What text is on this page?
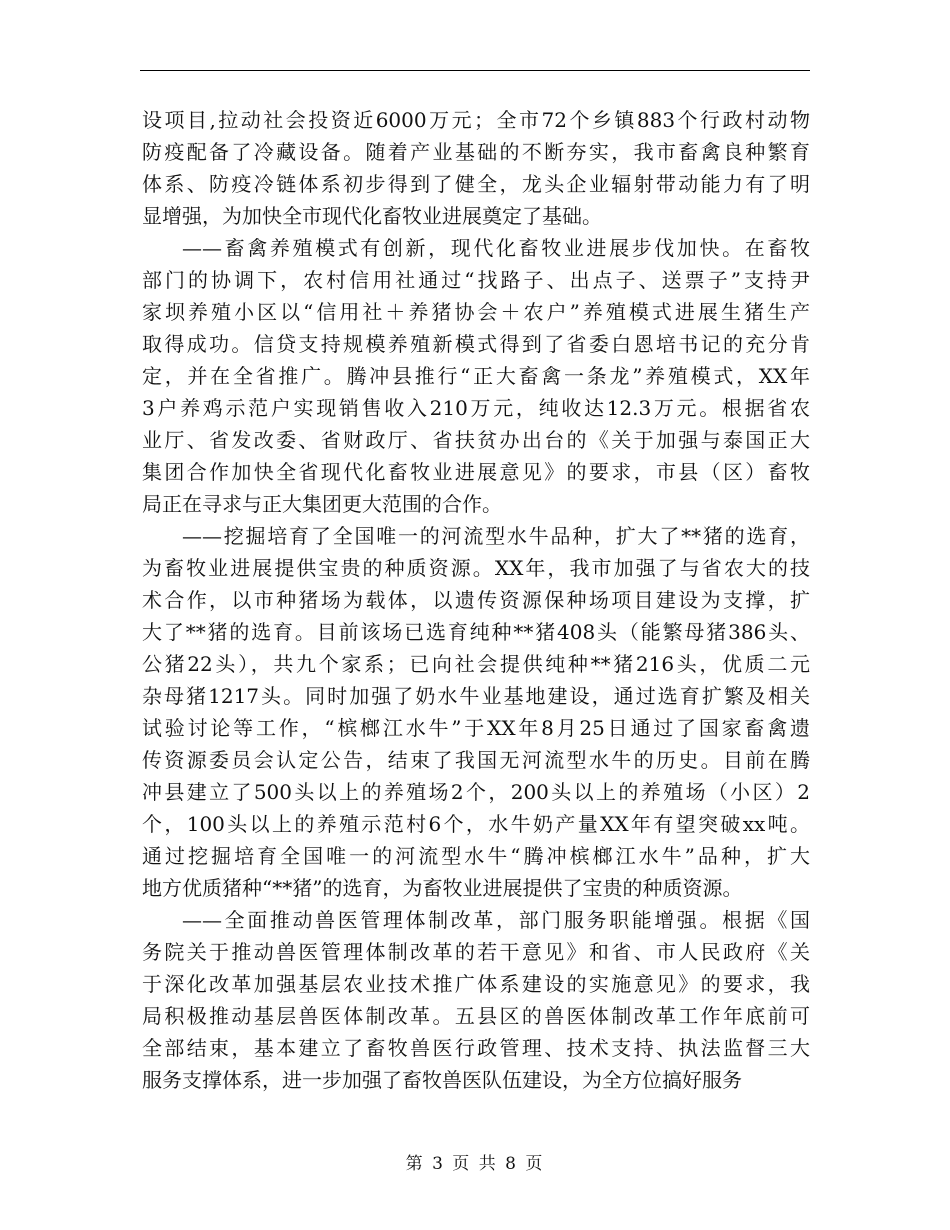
设项目,拉动社会投资近6000万元；全市72个乡镇883个行政村动物
防疫配备了冷藏设备。随着产业基础的不断夯实，我市畜禽良种繁育
体系、防疫冷链体系初步得到了健全，龙头企业辐射带动能力有了明
显增强，为加快全市现代化畜牧业进展奠定了基础。
——畜禽养殖模式有创新，现代化畜牧业进展步伐加快。在畜牧
部门的协调下，农村信用社通过“找路子、出点子、送票子”支持尹
家坝养殖小区以“信用社＋养猪协会＋农户”养殖模式进展生猪生产
取得成功。信贷支持规模养殖新模式得到了省委白恩培书记的充分肯
定，并在全省推广。腾冲县推行“正大畜禽一条龙”养殖模式，XX年
3户养鸡示范户实现销售收入210万元，纯收达12.3万元。根据省农
业厅、省发改委、省财政厅、省扶贫办出台的《关于加强与泰国正大
集团合作加快全省现代化畜牧业进展意见》的要求，市县（区）畜牧
局正在寻求与正大集团更大范围的合作。
——挖掘培育了全国唯一的河流型水牛品种，扩大了**猪的选育，
为畜牧业进展提供宝贵的种质资源。XX年，我市加强了与省农大的技
术合作，以市种猪场为载体，以遗传资源保种场项目建设为支撑，扩
大了**猪的选育。目前该场已选育纯种**猪408头（能繁母猪386头、
公猪22头），共九个家系；已向社会提供纯种**猪216头，优质二元
杂母猪1217头。同时加强了奶水牛业基地建设，通过选育扩繁及相关
试验讨论等工作，“槟榔江水牛”于XX年8月25日通过了国家畜禽遗
传资源委员会认定公告，结束了我国无河流型水牛的历史。目前在腾
冲县建立了500头以上的养殖场2个，200头以上的养殖场（小区）2
个，100头以上的养殖示范村6个，水牛奶产量XX年有望突破xx吨。
通过挖掘培育全国唯一的河流型水牛“腾冲槟榔江水牛”品种，扩大
地方优质猪种“**猪”的选育，为畜牧业进展提供了宝贵的种质资源。
——全面推动兽医管理体制改革，部门服务职能增强。根据《国
务院关于推动兽医管理体制改革的若干意见》和省、市人民政府《关
于深化改革加强基层农业技术推广体系建设的实施意见》的要求，我
局积极推动基层兽医体制改革。五县区的兽医体制改革工作年底前可
全部结束，基本建立了畜牧兽医行政管理、技术支持、执法监督三大
服务支撑体系，进一步加强了畜牧兽医队伍建设，为全方位搞好服务
第 3 页 共 8 页
